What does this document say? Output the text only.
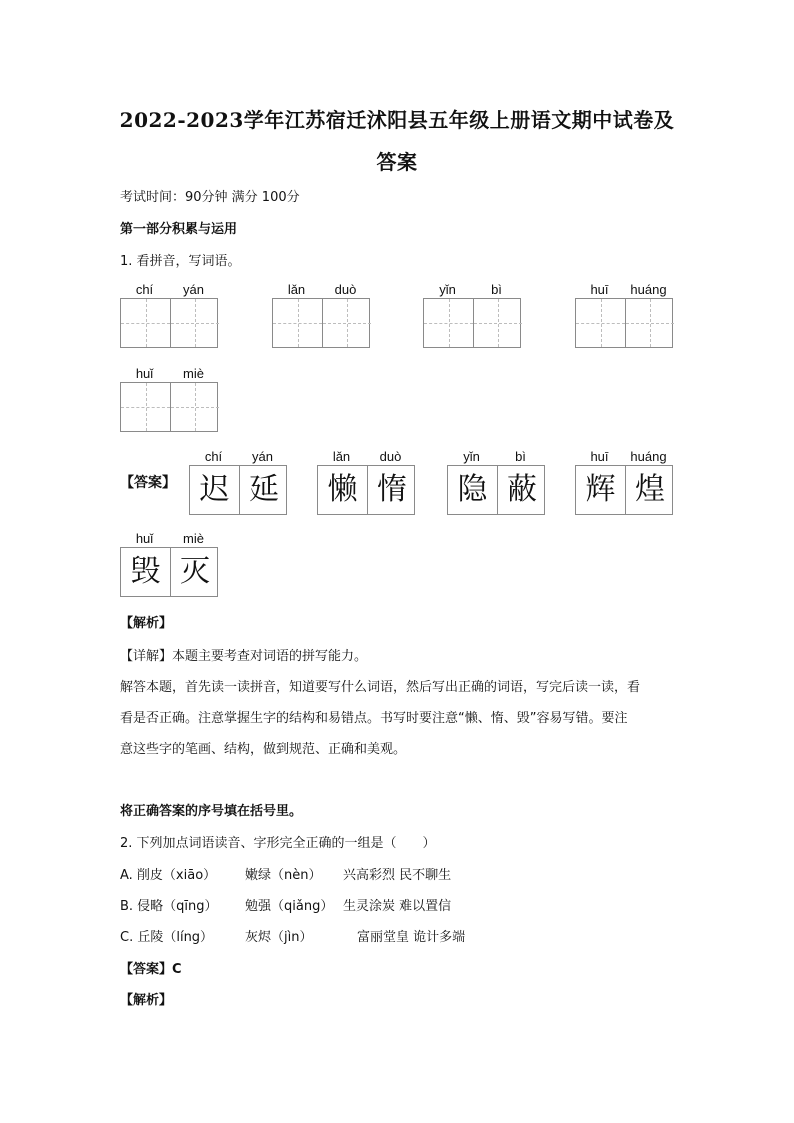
2022-2023学年江苏宿迁沭阳县五年级上册语文期中试卷及
答案
考试时间：90分钟 满分 100分
第一部分积累与运用
1. 看拼音，写词语。
chí	yán	lǎn	duò	yǐn	bì	huī	huáng
huǐ	miè
【答案】
chí	yán
迟 延
lǎn	duò
懒 惰
yǐn	bì
隐 蔽
huī	huáng
辉 煌
huǐ	miè
毁 灭
【解析】
【详解】本题主要考查对词语的拼写能力。
解答本题，首先读一读拼音，知道要写什么词语，然后写出正确的词语，写完后读一读，看
看是否正确。注意掌握生字的结构和易错点。书写时要注意“懒、惰、毁”容易写错。要注
意这些字的笔画、结构，做到规范、正确和美观。
将正确答案的序号填在括号里。
2. 下列加点词语读音、字形完全正确的一组是（　　）
A. 削皮（xiāo） 嫩绿（nèn） 兴高彩烈 民不聊生
B. 侵略（qīng） 勉强（qiǎng） 生灵涂炭 难以置信
C. 丘陵（líng） 灰烬（jìn）	富丽堂皇 诡计多端
【答案】C
【解析】
